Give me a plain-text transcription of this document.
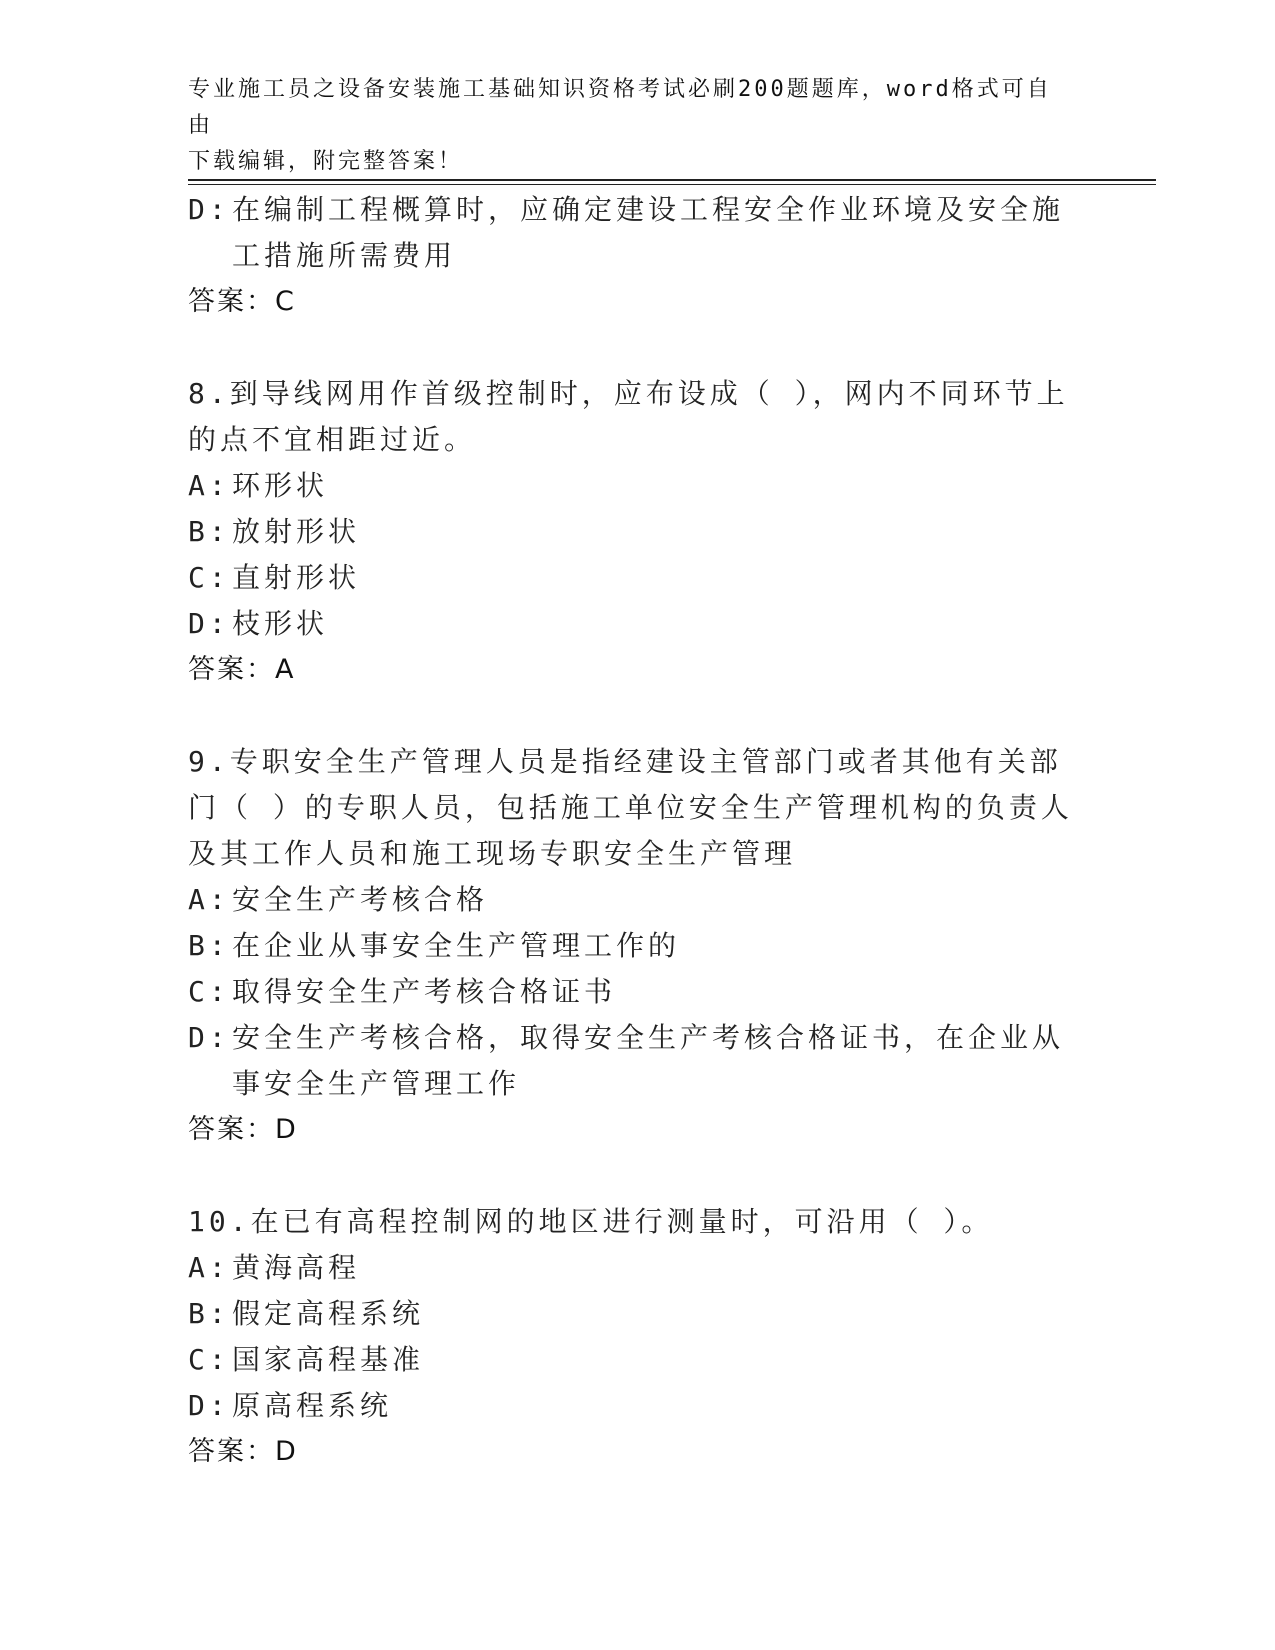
专业施工员之设备安装施工基础知识资格考试必刷200题题库，word格式可自由
下载编辑，附完整答案！
D: 在编制工程概算时，应确定建设工程安全作业环境及安全施工措施所需费用
答案：C
8.到导线网用作首级控制时，应布设成（ ），网内不同环节上的点不宜相距过近。
A: 环形状
B: 放射形状
C: 直射形状
D: 枝形状
答案：A
9.专职安全生产管理人员是指经建设主管部门或者其他有关部门（ ）的专职人员，包括施工单位安全生产管理机构的负责人及其工作人员和施工现场专职安全生产管理
A: 安全生产考核合格
B: 在企业从事安全生产管理工作的
C: 取得安全生产考核合格证书
D: 安全生产考核合格，取得安全生产考核合格证书，在企业从事安全生产管理工作
答案：D
10.在已有高程控制网的地区进行测量时，可沿用（ ）。
A: 黄海高程
B: 假定高程系统
C: 国家高程基准
D: 原高程系统
答案：D
